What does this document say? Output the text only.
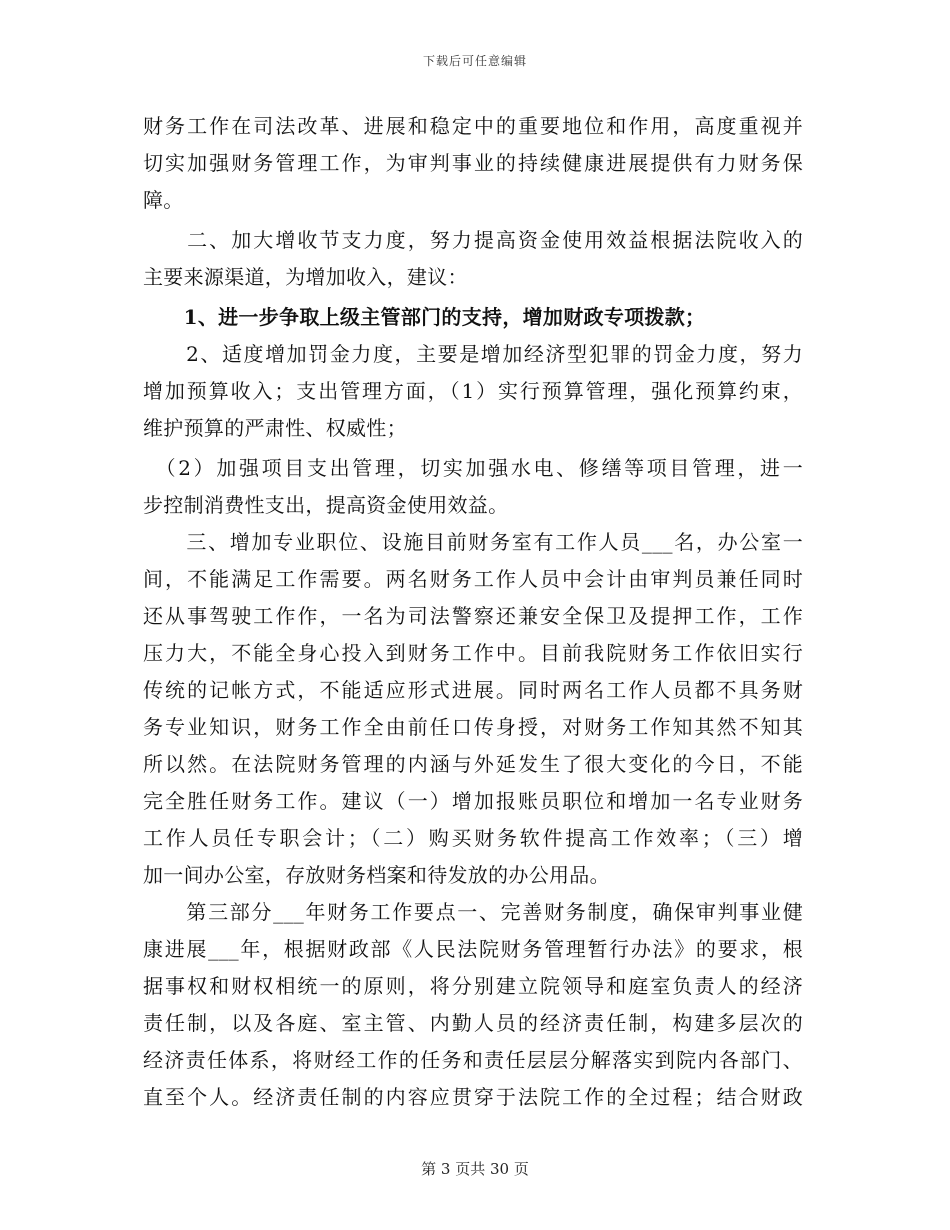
下载后可任意编辑
财务工作在司法改革、进展和稳定中的重要地位和作用，高度重视并
切实加强财务管理工作，为审判事业的持续健康进展提供有力财务保
障。
　　二、加大增收节支力度，努力提高资金使用效益根据法院收入的
主要来源渠道，为增加收入，建议：
　　1、进一步争取上级主管部门的支持，增加财政专项拨款；
　　2、适度增加罚金力度，主要是增加经济型犯罪的罚金力度，努力
增加预算收入；支出管理方面，（1）实行预算管理，强化预算约束，
维护预算的严肃性、权威性；
　（2）加强项目支出管理，切实加强水电、修缮等项目管理，进一
步控制消费性支出，提高资金使用效益。
　　三、增加专业职位、设施目前财务室有工作人员___名，办公室一
间，不能满足工作需要。两名财务工作人员中会计由审判员兼任同时
还从事驾驶工作作，一名为司法警察还兼安全保卫及提押工作，工作
压力大，不能全身心投入到财务工作中。目前我院财务工作依旧实行
传统的记帐方式，不能适应形式进展。同时两名工作人员都不具务财
务专业知识，财务工作全由前任口传身授，对财务工作知其然不知其
所以然。在法院财务管理的内涵与外延发生了很大变化的今日，不能
完全胜任财务工作。建议（一）增加报账员职位和增加一名专业财务
工作人员任专职会计；（二）购买财务软件提高工作效率；（三）增
加一间办公室，存放财务档案和待发放的办公用品。
　　第三部分___年财务工作要点一、完善财务制度，确保审判事业健
康进展___年，根据财政部《人民法院财务管理暂行办法》的要求，根
据事权和财权相统一的原则，将分别建立院领导和庭室负责人的经济
责任制，以及各庭、室主管、内勤人员的经济责任制，构建多层次的
经济责任体系，将财经工作的任务和责任层层分解落实到院内各部门、
直至个人。经济责任制的内容应贯穿于法院工作的全过程；结合财政
第 3 页共 30 页
